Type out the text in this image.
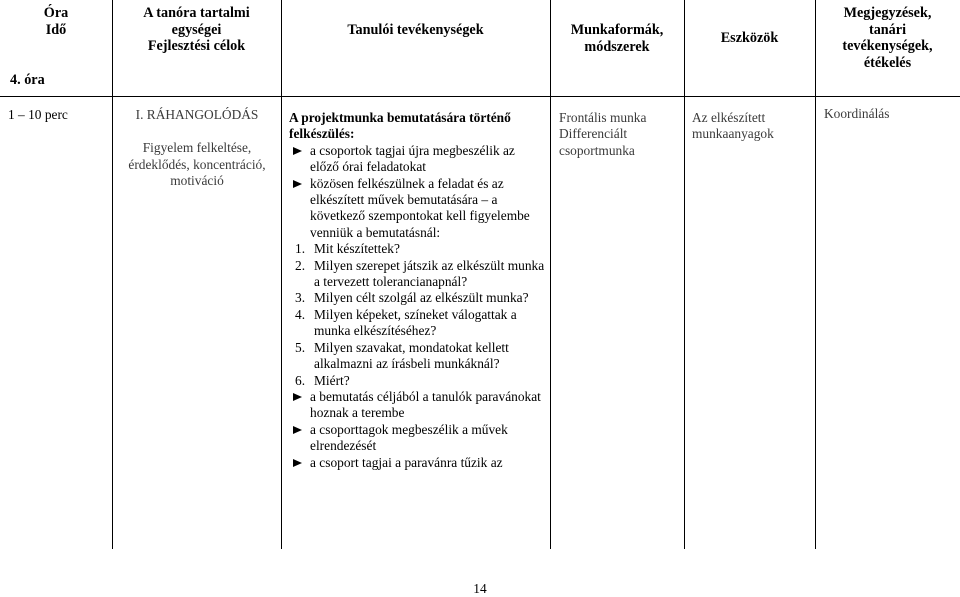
Óra
Idő
A tanóra tartalmi
egységei
Fejlesztési célok
Tanulói tevékenységek	Munkaformák,
módszerek
Eszközök
Megjegyzések,
tanári
tevékenységek,
étékelés
4. óra
1 – 10 perc	I. RÁHANGOLÓDÁS
Figyelem felkeltése, érdeklődés, koncentráció, motiváció
A projektmunka bemutatására történő felkészülés:
a csoportok tagjai újra megbeszélik az előző órai feladatokat
közösen felkészülnek a feladat és az elkészített művek bemutatására – a következő szempontokat kell figyelembe venniük a bemutatásnál:
1. Mit készítettek?
2. Milyen szerepet játszik az elkészült munka a tervezett tolerancianapnál?
3. Milyen célt szolgál az elkészült munka?
4. Milyen képeket, színeket válogattak a munka elkészítéséhez?
5. Milyen szavakat, mondatokat kellett alkalmazni az írásbeli munkáknál?
6. Miért?
a bemutatás céljából a tanulók paravánokat hoznak a terembe
a csoporttagok megbeszélik a művek elrendezését
a csoport tagjai a paravánra tűzik az
Frontális munka
Differenciált
csoportmunka
Az elkészített munkaanyagok
Koordinálás
14
